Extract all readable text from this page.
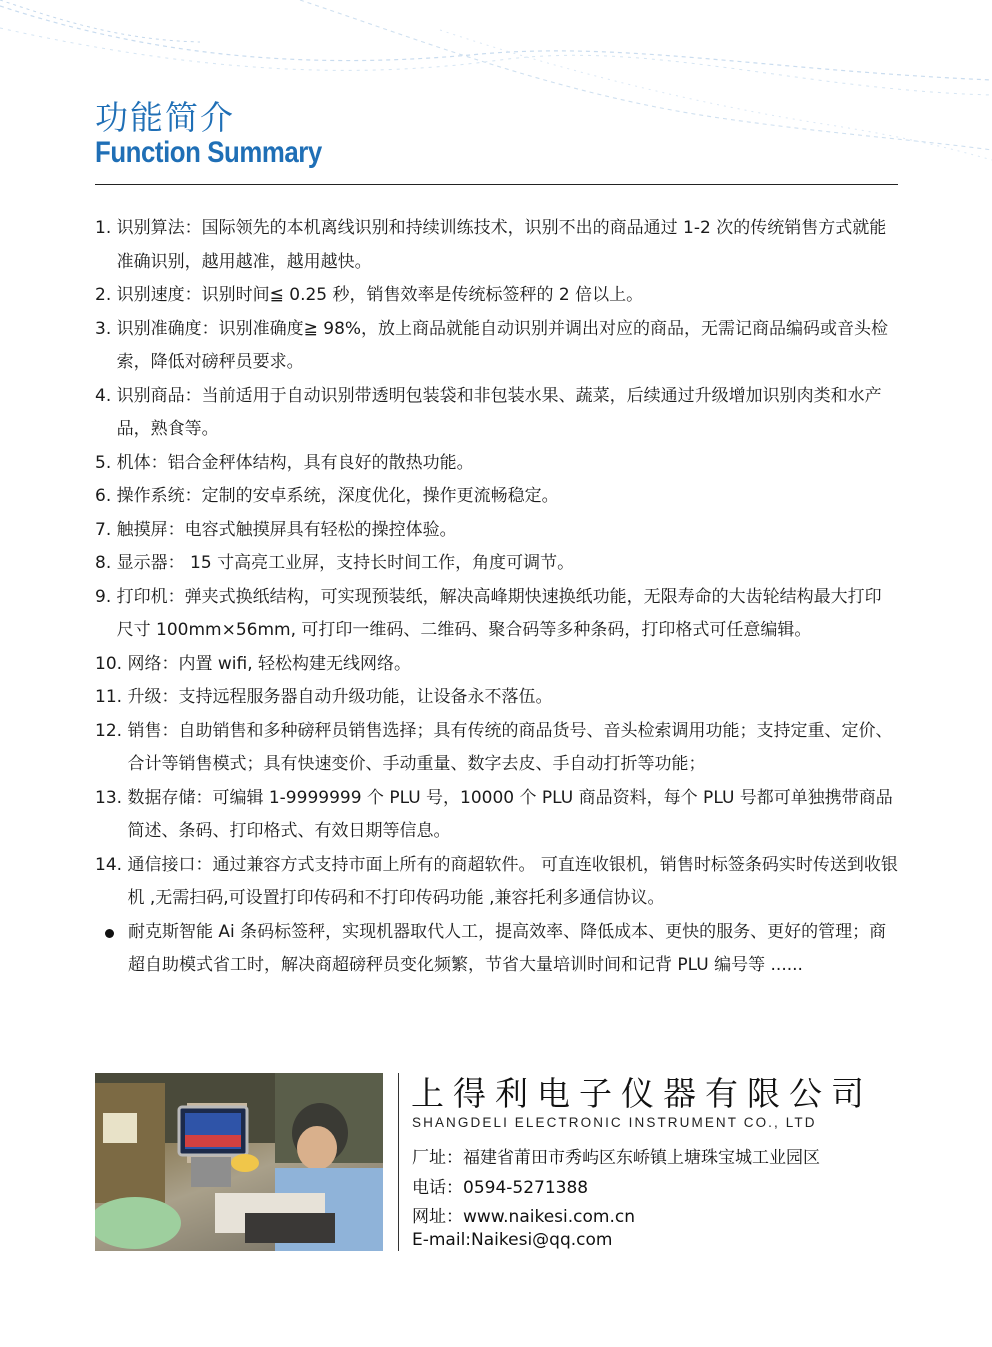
功能简介
Function Summary
1. 识别算法：国际领先的本机离线识别和持续训练技术，识别不出的商品通过 1-2 次的传统销售方式就能准确识别，越用越准，越用越快。
2. 识别速度：识别时间≦ 0.25 秒，销售效率是传统标签秤的 2 倍以上。
3. 识别准确度：识别准确度≧ 98%，放上商品就能自动识别并调出对应的商品，无需记商品编码或音头检索，降低对磅秤员要求。
4. 识别商品：当前适用于自动识别带透明包装袋和非包装水果、蔬菜，后续通过升级增加识别肉类和水产品，熟食等。
5. 机体：铝合金秤体结构，具有良好的散热功能。
6. 操作系统：定制的安卓系统，深度优化，操作更流畅稳定。
7. 触摸屏：电容式触摸屏具有轻松的操控体验。
8. 显示器： 15 寸高亮工业屏，支持长时间工作，角度可调节。
9. 打印机：弹夹式换纸结构，可实现预装纸，解决高峰期快速换纸功能，无限寿命的大齿轮结构最大打印尺寸 100mm×56mm, 可打印一维码、二维码、聚合码等多种条码，打印格式可任意编辑。
10. 网络：内置 wifi, 轻松构建无线网络。
11. 升级：支持远程服务器自动升级功能，让设备永不落伍。
12. 销售：自助销售和多种磅秤员销售选择；具有传统的商品货号、音头检索调用功能；支持定重、定价、合计等销售模式；具有快速变价、手动重量、数字去皮、手自动打折等功能；
13. 数据存储：可编辑 1-9999999 个 PLU 号，10000 个 PLU 商品资料，每个 PLU 号都可单独携带商品简述、条码、打印格式、有效日期等信息。
14. 通信接口：通过兼容方式支持市面上所有的商超软件。 可直连收银机，销售时标签条码实时传送到收银机 ,无需扫码,可设置打印传码和不打印传码功能 ,兼容托利多通信协议。
耐克斯智能 Ai 条码标签秤，实现机器取代人工，提高效率、降低成本、更快的服务、更好的管理；商超自助模式省工时，解决商超磅秤员变化频繁，节省大量培训时间和记背 PLU 编号等 ......
上得利电子仪器有限公司
SHANGDELI ELECTRONIC INSTRUMENT CO., LTD
厂址：福建省莆田市秀屿区东峤镇上塘珠宝城工业园区
电话：0594-5271388
网址：www.naikesi.com.cn
E-mail:Naikesi@qq.com
